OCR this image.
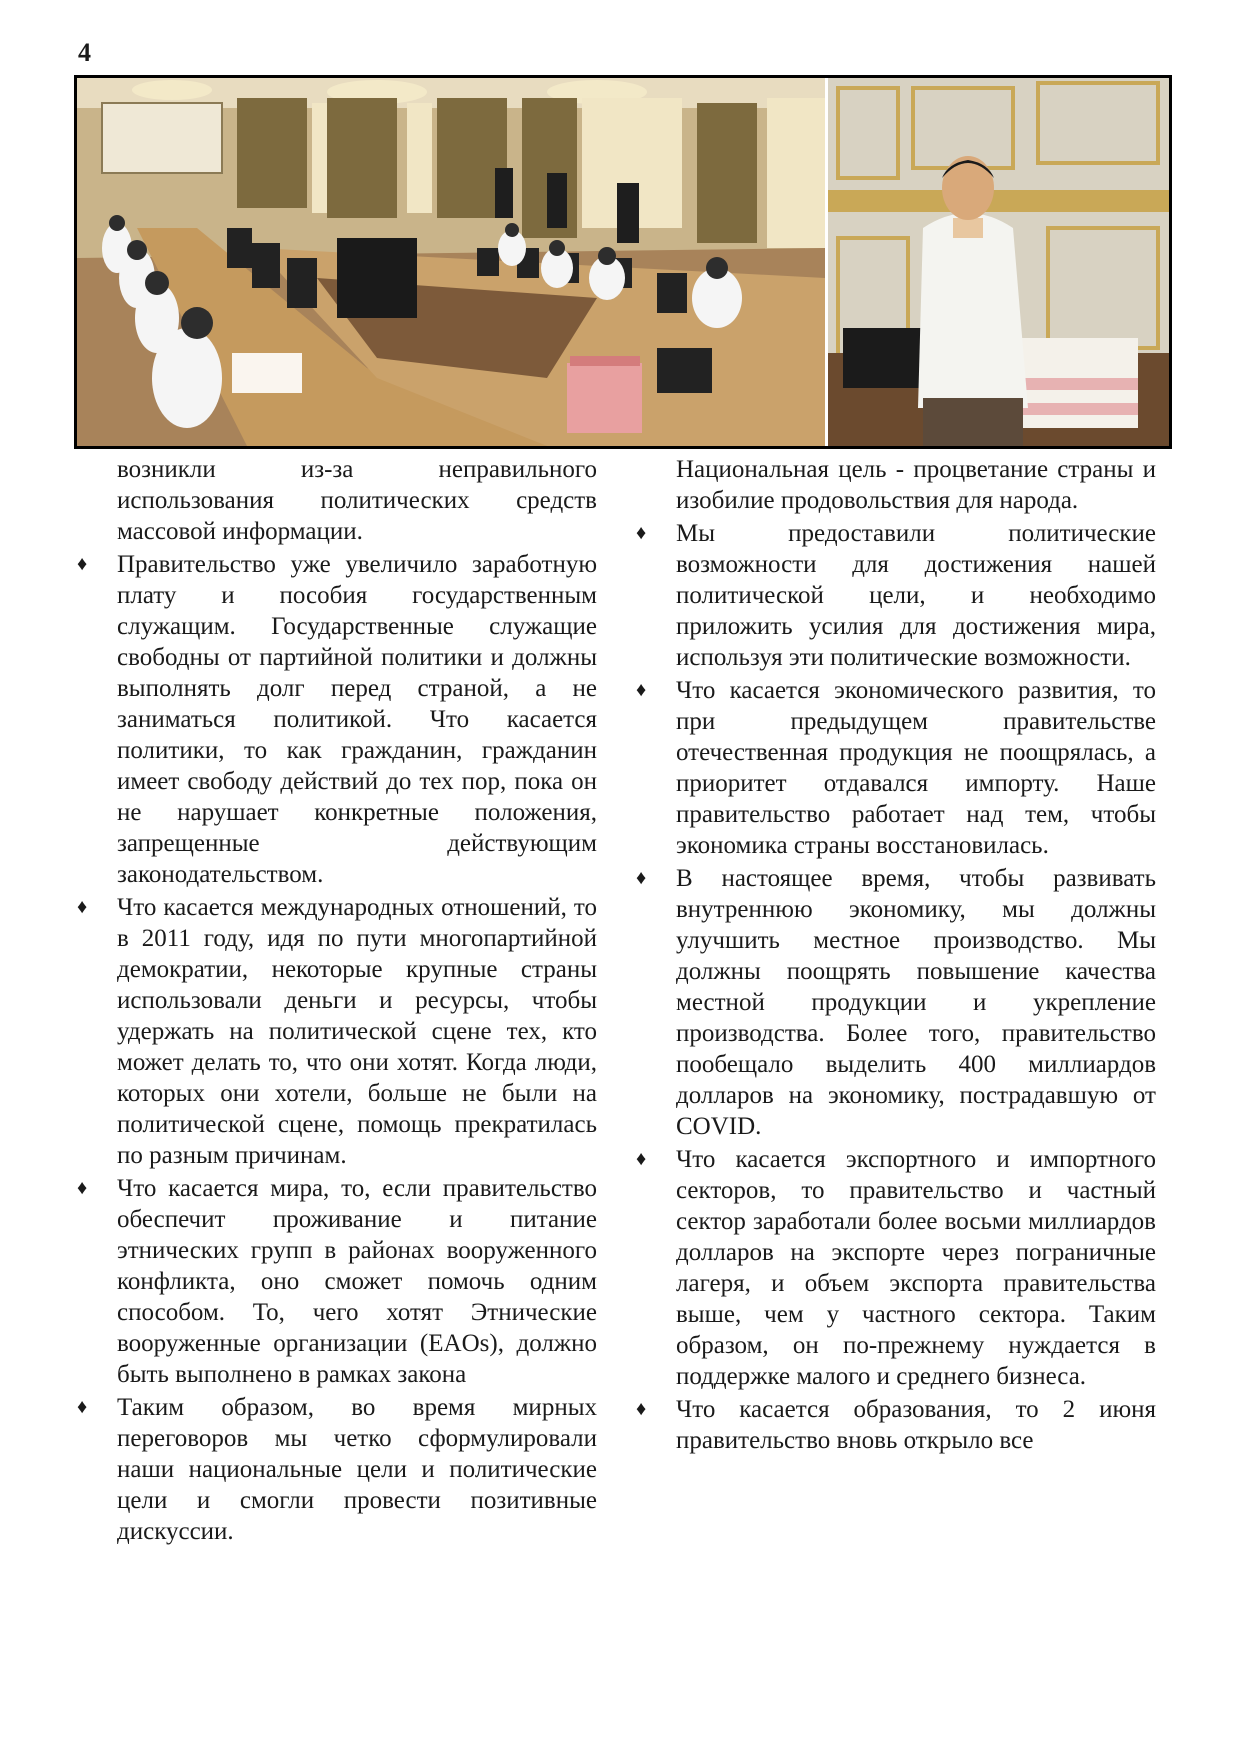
4

возникли из-за неправильного использования политических средств массовой информации.

♦ Правительство уже увеличило заработную плату и пособия государственным служащим. Государственные служащие свободны от партийной политики и должны выполнять долг перед страной, а не заниматься политикой. Что касается политики, то как гражданин, гражданин имеет свободу действий до тех пор, пока он не нарушает конкретные положения, запрещенные действующим законодательством.

♦ Что касается международных отношений, то в 2011 году, идя по пути многопартийной демократии, некоторые крупные страны использовали деньги и ресурсы, чтобы удержать на политической сцене тех, кто может делать то, что они хотят. Когда люди, которых они хотели, больше не были на политической сцене, помощь прекратилась по разным причинам.

♦ Что касается мира, то, если правительство обеспечит проживание и питание этнических групп в районах вооруженного конфликта, оно сможет помочь одним способом. То, чего хотят Этнические вооруженные организации (EAOs), должно быть выполнено в рамках закона

♦ Таким образом, во время мирных переговоров мы четко сформулировали наши национальные цели и политические цели и смогли провести позитивные дискуссии.

Национальная цель - процветание страны и изобилие продовольствия для народа.

♦ Мы предоставили политические возможности для достижения нашей политической цели, и необходимо приложить усилия для достижения мира, используя эти политические возможности.

♦ Что касается экономического развития, то при предыдущем правительстве отечественная продукция не поощрялась, а приоритет отдавался импорту. Наше правительство работает над тем, чтобы экономика страны восстановилась.

♦ В настоящее время, чтобы развивать внутреннюю экономику, мы должны улучшить местное производство. Мы должны поощрять повышение качества местной продукции и укрепление производства. Более того, правительство пообещало выделить 400 миллиардов долларов на экономику, пострадавшую от COVID.

♦ Что касается экспортного и импортного секторов, то правительство и частный сектор заработали более восьми миллиардов долларов на экспорте через пограничные лагеря, и объем экспорта правительства выше, чем у частного сектора. Таким образом, он по-прежнему нуждается в поддержке малого и среднего бизнеса.

♦ Что касается образования, то 2 июня правительство вновь открыло все
